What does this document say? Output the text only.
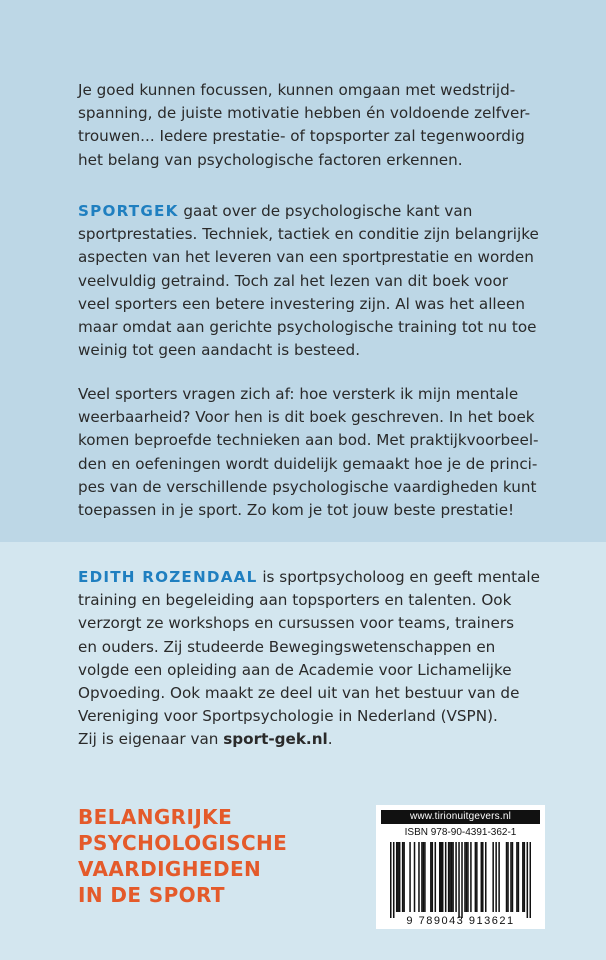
Je goed kunnen focussen, kunnen omgaan met wedstrijd-
spanning, de juiste motivatie hebben én voldoende zelfver-
trouwen... Iedere prestatie- of topsporter zal tegenwoordig
het belang van psychologische factoren erkennen.

SPORTGEK gaat over de psychologische kant van
sportprestaties. Techniek, tactiek en conditie zijn belangrijke
aspecten van het leveren van een sportprestatie en worden
veelvuldig getraind. Toch zal het lezen van dit boek voor
veel sporters een betere investering zijn. Al was het alleen
maar omdat aan gerichte psychologische training tot nu toe
weinig tot geen aandacht is besteed.

Veel sporters vragen zich af: hoe versterk ik mijn mentale
weerbaarheid? Voor hen is dit boek geschreven. In het boek
komen beproefde technieken aan bod. Met praktijkvoorbeel-
den en oefeningen wordt duidelijk gemaakt hoe je de princi-
pes van de verschillende psychologische vaardigheden kunt
toepassen in je sport. Zo kom je tot jouw beste prestatie!

EDITH ROZENDAAL is sportpsycholoog en geeft mentale
training en begeleiding aan topsporters en talenten. Ook
verzorgt ze workshops en cursussen voor teams, trainers
en ouders. Zij studeerde Bewegingswetenschappen en
volgde een opleiding aan de Academie voor Lichamelijke
Opvoeding. Ook maakt ze deel uit van het bestuur van de
Vereniging voor Sportpsychologie in Nederland (VSPN).
Zij is eigenaar van sport-gek.nl.

BELANGRIJKE
PSYCHOLOGISCHE
VAARDIGHEDEN
IN DE SPORT
www.tirionuitgevers.nl
ISBN 978-90-4391-362-1
9 789043 913621
